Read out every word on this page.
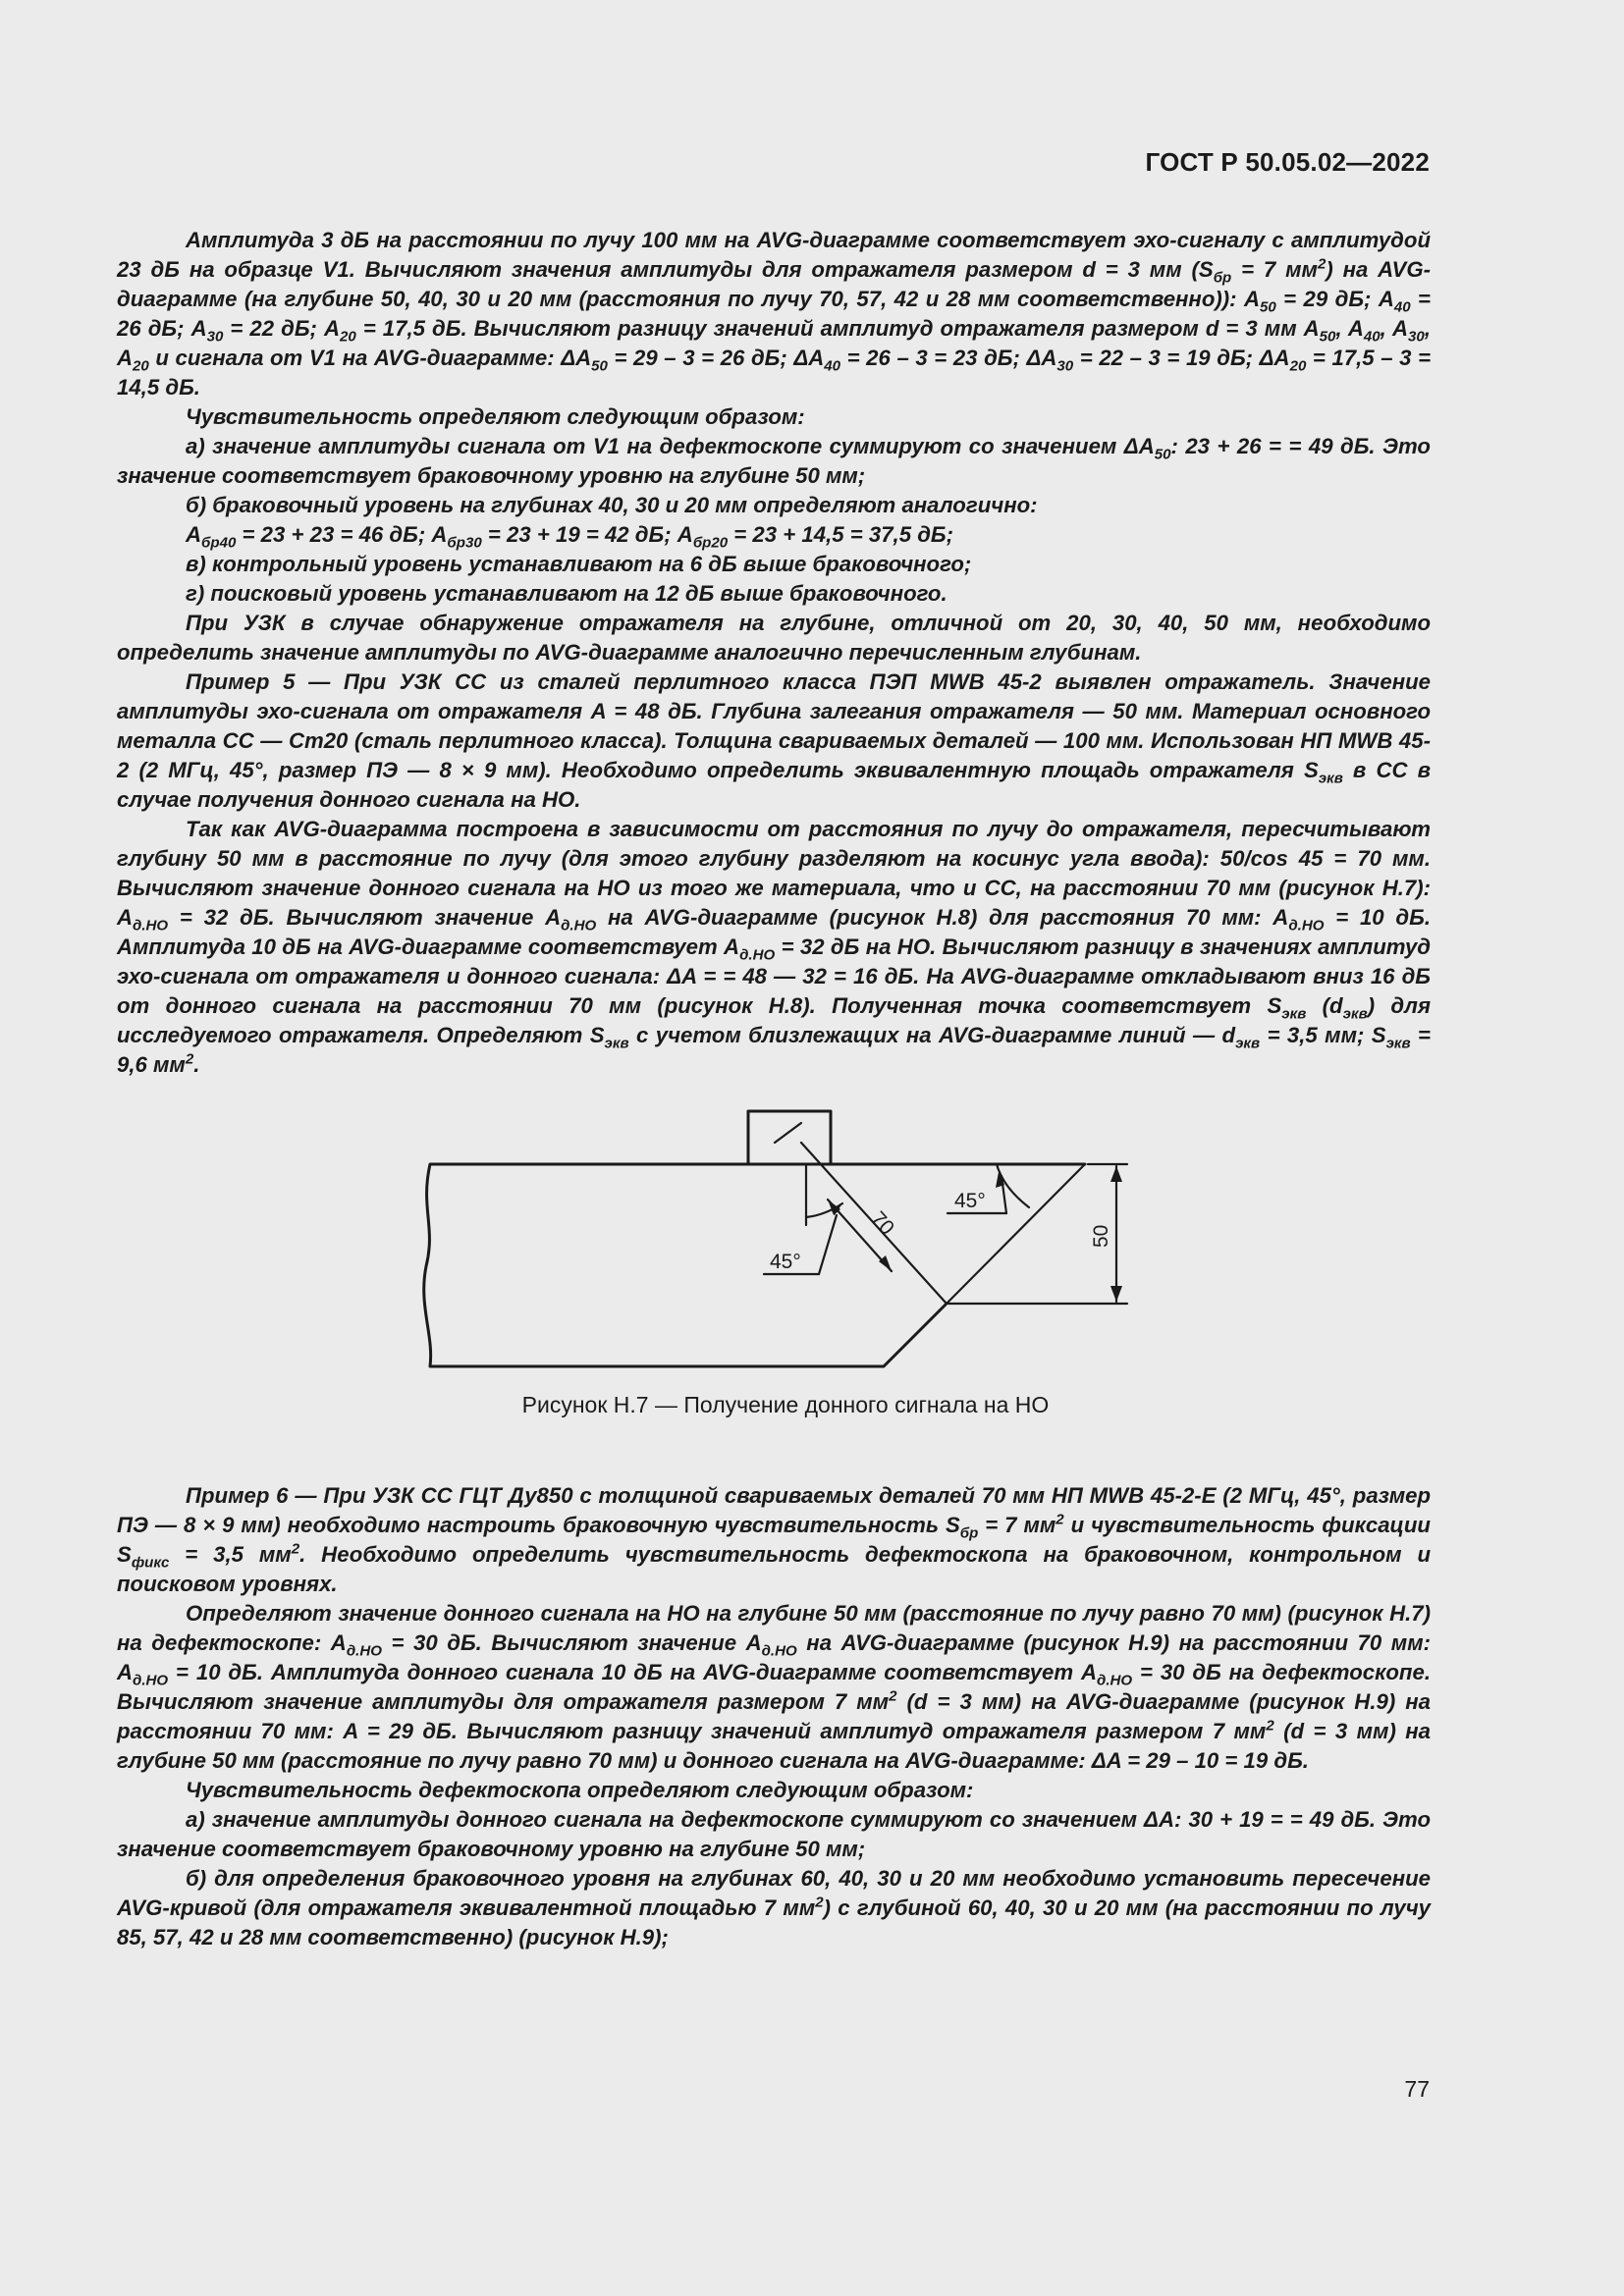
ГОСТ Р 50.05.02—2022

Амплитуда 3 дБ на расстоянии по лучу 100 мм на AVG-диаграмме соответствует эхо-сигналу с амплитудой 23 дБ на образце V1. Вычисляют значения амплитуды для отражателя размером d = 3 мм ($S_{бр} = 7$ $мм^2$) на AVG-диаграмме (на глубине 50, 40, 30 и 20 мм (расстояния по лучу 70, 57, 42 и 28 мм соответственно)): $A_{50} = 29$ дБ; $A_{40} = 26$ дБ; $A_{30} = 22$ дБ; $A_{20} = 17,5$ дБ. Вычисляют разницу значений амплитуд отражателя размером d = 3 мм $A_{50}$, $A_{40}$, $A_{30}$, $A_{20}$ и сигнала от V1 на AVG-диаграмме: $\Delta A_{50} = 29 - 3 = 26$ дБ; $\Delta A_{40} = 26 - 3 = 23$ дБ; $\Delta A_{30} = 22 - 3 = 19$ дБ; $\Delta A_{20} = 17,5 - 3 = 14,5$ дБ.

Чувствительность определяют следующим образом:

а) значение амплитуды сигнала от V1 на дефектоскопе суммируют со значением $\Delta A_{50}$: 23 + 26 = = 49 дБ. Это значение соответствует браковочному уровню на глубине 50 мм;

б) браковочный уровень на глубинах 40, 30 и 20 мм определяют аналогично:

$A_{бр40} = 23 + 23 = 46$ дБ; $A_{бр30} = 23 + 19 = 42$ дБ; $A_{бр20} = 23 + 14,5 = 37,5$ дБ;

в) контрольный уровень устанавливают на 6 дБ выше браковочного;

г) поисковый уровень устанавливают на 12 дБ выше браковочного.

При УЗК в случае обнаружение отражателя на глубине, отличной от 20, 30, 40, 50 мм, необходимо определить значение амплитуды по AVG-диаграмме аналогично перечисленным глубинам.

Пример 5 — При УЗК СС из сталей перлитного класса ПЭП MWB 45-2 выявлен отражатель. Значение амплитуды эхо-сигнала от отражателя A = 48 дБ. Глубина залегания отражателя — 50 мм. Материал основного металла СС — Ст20 (сталь перлитного класса). Толщина свариваемых деталей — 100 мм. Использован НП MWB 45-2 (2 МГц, 45°, размер ПЭ — 8 × 9 мм). Необходимо определить эквивалентную площадь отражателя $S_{экв}$ в СС в случае получения донного сигнала на НО.

Так как AVG-диаграмма построена в зависимости от расстояния по лучу до отражателя, пересчитывают глубину 50 мм в расстояние по лучу (для этого глубину разделяют на косинус угла ввода): 50/cos 45 = 70 мм. Вычисляют значение донного сигнала на НО из того же материала, что и СС, на расстоянии 70 мм (рисунок Н.7): $A_{д.НО} = 32$ дБ. Вычисляют значение $A_{д.НО}$ на AVG-диаграмме (рисунок Н.8) для расстояния 70 мм: $A_{д.НО} = 10$ дБ. Амплитуда 10 дБ на AVG-диаграмме соответствует $A_{д.НО} = 32$ дБ на НО. Вычисляют разницу в значениях амплитуд эхо-сигнала от отражателя и донного сигнала: ΔA = = 48 — 32 = 16 дБ. На AVG-диаграмме откладывают вниз 16 дБ от донного сигнала на расстоянии 70 мм (рисунок Н.8). Полученная точка соответствует $S_{экв}$ $(d_{экв})$ для исследуемого отражателя. Определяют $S_{экв}$ с учетом близлежащих на AVG-диаграмме линий — $d_{экв} = 3,5$ мм; $S_{экв} = 9,6$ $мм^2$.

45°
45°
70	50
Рисунок Н.7 — Получение донного сигнала на НО

Пример 6 — При УЗК СС ГЦТ Ду850 с толщиной свариваемых деталей 70 мм НП MWB 45-2-E (2 МГц, 45°, размер ПЭ — 8 × 9 мм) необходимо настроить браковочную чувствительность $S_{бр} = 7$ $мм^2$ и чувствительность фиксации $S_{фикс} = 3,5$ $мм^2$. Необходимо определить чувствительность дефектоскопа на браковочном, контрольном и поисковом уровнях.

Определяют значение донного сигнала на НО на глубине 50 мм (расстояние по лучу равно 70 мм) (рисунок Н.7) на дефектоскопе: $A_{д.НО} = 30$ дБ. Вычисляют значение $A_{д.НО}$ на AVG-диаграмме (рисунок Н.9) на расстоянии 70 мм: $A_{д.НО} = 10$ дБ. Амплитуда донного сигнала 10 дБ на AVG-диаграмме соответствует $A_{д.НО} = 30$ дБ на дефектоскопе. Вычисляют значение амплитуды для отражателя размером 7 $мм^2$ (d = 3 мм) на AVG-диаграмме (рисунок Н.9) на расстоянии 70 мм: A = 29 дБ. Вычисляют разницу значений амплитуд отражателя размером 7 $мм^2$ (d = 3 мм) на глубине 50 мм (расстояние по лучу равно 70 мм) и донного сигнала на AVG-диаграмме: ΔA = 29 – 10 = 19 дБ.

Чувствительность дефектоскопа определяют следующим образом:

а) значение амплитуды донного сигнала на дефектоскопе суммируют со значением ΔA: 30 + 19 = = 49 дБ. Это значение соответствует браковочному уровню на глубине 50 мм;

б) для определения браковочного уровня на глубинах 60, 40, 30 и 20 мм необходимо установить пересечение AVG-кривой (для отражателя эквивалентной площадью 7 $мм^2$) с глубиной 60, 40, 30 и 20 мм (на расстоянии по лучу 85, 57, 42 и 28 мм соответственно) (рисунок Н.9);

77
